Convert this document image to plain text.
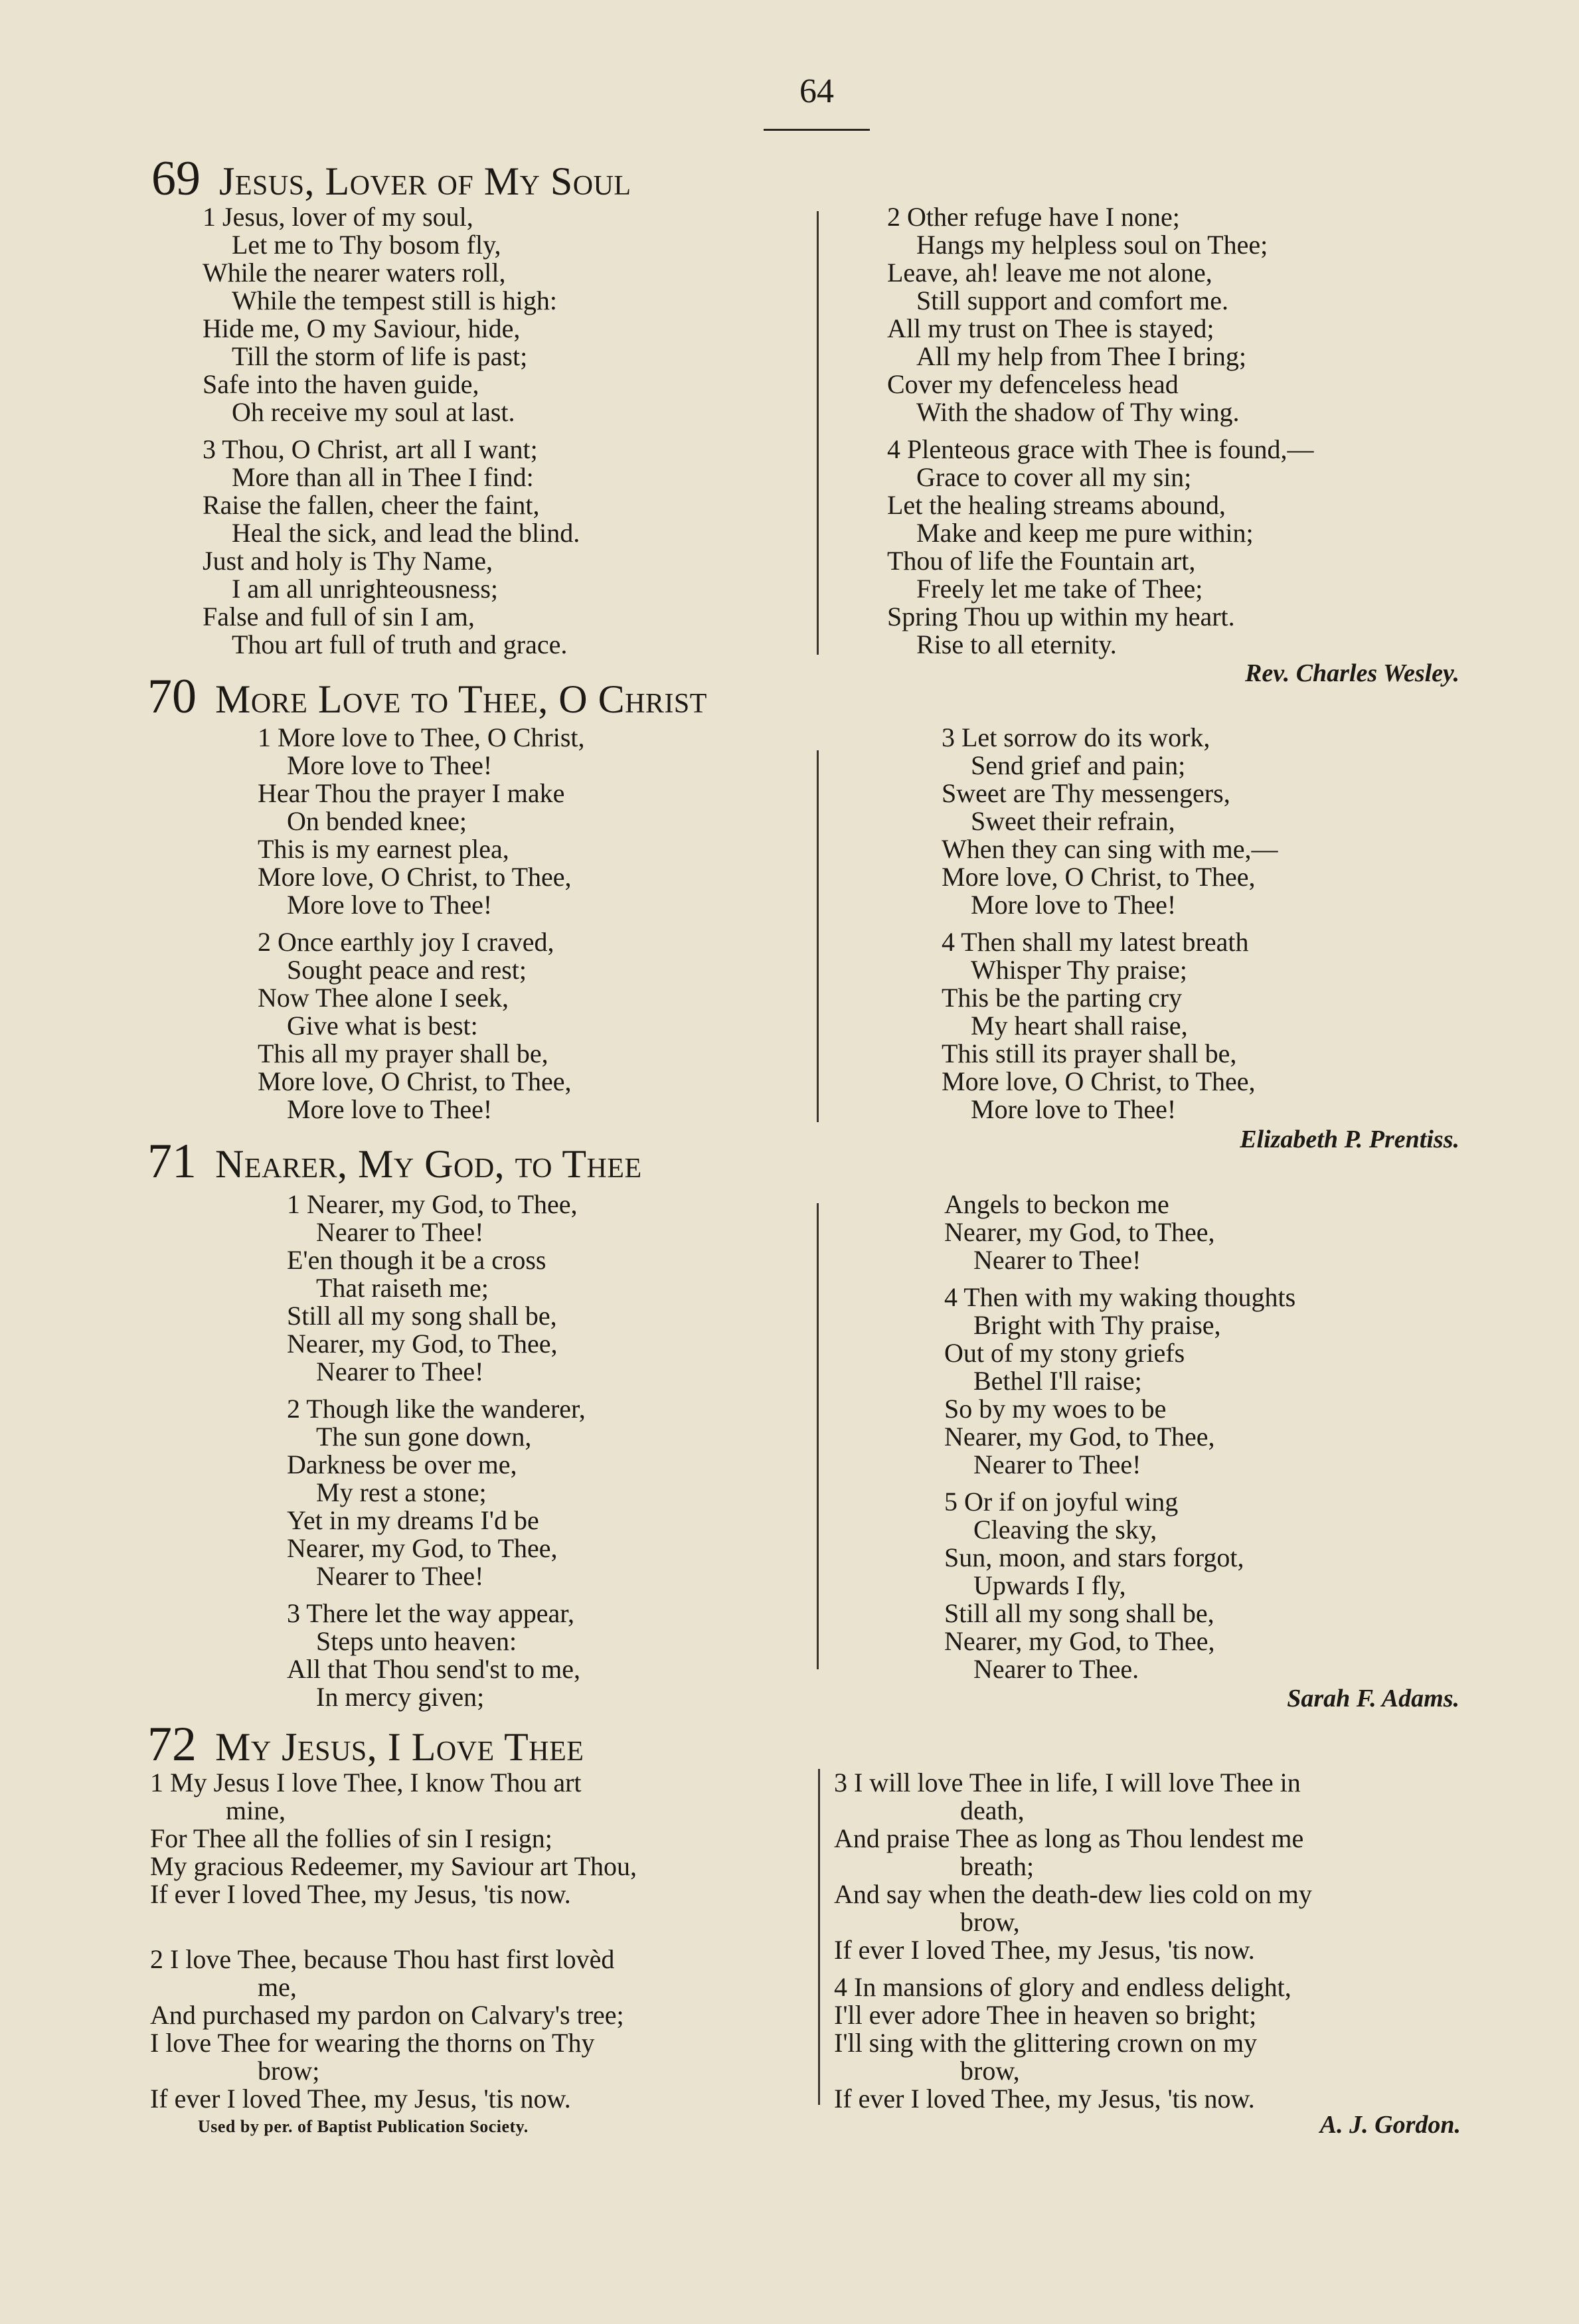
64
69 Jesus, Lover of My Soul
1 Jesus, lover of my soul,
Let me to Thy bosom fly,
While the nearer waters roll,
While the tempest still is high:
Hide me, O my Saviour, hide,
Till the storm of life is past;
Safe into the haven guide,
Oh receive my soul at last.
3 Thou, O Christ, art all I want;
More than all in Thee I find:
Raise the fallen, cheer the faint,
Heal the sick, and lead the blind.
Just and holy is Thy Name,
I am all unrighteousness;
False and full of sin I am,
Thou art full of truth and grace.
2 Other refuge have I none;
Hangs my helpless soul on Thee;
Leave, ah! leave me not alone,
Still support and comfort me.
All my trust on Thee is stayed;
All my help from Thee I bring;
Cover my defenceless head
With the shadow of Thy wing.
4 Plenteous grace with Thee is found,—
Grace to cover all my sin;
Let the healing streams abound,
Make and keep me pure within;
Thou of life the Fountain art,
Freely let me take of Thee;
Spring Thou up within my heart.
Rise to all eternity.
Rev. Charles Wesley.
70 More Love to Thee, O Christ
1 More love to Thee, O Christ,
More love to Thee!
Hear Thou the prayer I make
On bended knee;
This is my earnest plea,
More love, O Christ, to Thee,
More love to Thee!
2 Once earthly joy I craved,
Sought peace and rest;
Now Thee alone I seek,
Give what is best:
This all my prayer shall be,
More love, O Christ, to Thee,
More love to Thee!
3 Let sorrow do its work,
Send grief and pain;
Sweet are Thy messengers,
Sweet their refrain,
When they can sing with me,—
More love, O Christ, to Thee,
More love to Thee!
4 Then shall my latest breath
Whisper Thy praise;
This be the parting cry
My heart shall raise,
This still its prayer shall be,
More love, O Christ, to Thee,
More love to Thee!
Elizabeth P. Prentiss.
71 Nearer, My God, to Thee
1 Nearer, my God, to Thee,
Nearer to Thee!
E'en though it be a cross
That raiseth me;
Still all my song shall be,
Nearer, my God, to Thee,
Nearer to Thee!
2 Though like the wanderer,
The sun gone down,
Darkness be over me,
My rest a stone;
Yet in my dreams I'd be
Nearer, my God, to Thee,
Nearer to Thee!
3 There let the way appear,
Steps unto heaven:
All that Thou send'st to me,
In mercy given;
Angels to beckon me
Nearer, my God, to Thee,
Nearer to Thee!
4 Then with my waking thoughts
Bright with Thy praise,
Out of my stony griefs
Bethel I'll raise;
So by my woes to be
Nearer, my God, to Thee,
Nearer to Thee!
5 Or if on joyful wing
Cleaving the sky,
Sun, moon, and stars forgot,
Upwards I fly,
Still all my song shall be,
Nearer, my God, to Thee,
Nearer to Thee.
Sarah F. Adams.
72 My Jesus, I Love Thee
1 My Jesus I love Thee, I know Thou art
mine,
For Thee all the follies of sin I resign;
My gracious Redeemer, my Saviour art Thou,
If ever I loved Thee, my Jesus, 'tis now.
2 I love Thee, because Thou hast first lovèd
me,
And purchased my pardon on Calvary's tree;
I love Thee for wearing the thorns on Thy
brow;
If ever I loved Thee, my Jesus, 'tis now.
3 I will love Thee in life, I will love Thee in
death,
And praise Thee as long as Thou lendest me
breath;
And say when the death-dew lies cold on my
brow,
If ever I loved Thee, my Jesus, 'tis now.
4 In mansions of glory and endless delight,
I'll ever adore Thee in heaven so bright;
I'll sing with the glittering crown on my
brow,
If ever I loved Thee, my Jesus, 'tis now.
Used by per. of Baptist Publication Society.	A. J. Gordon.
